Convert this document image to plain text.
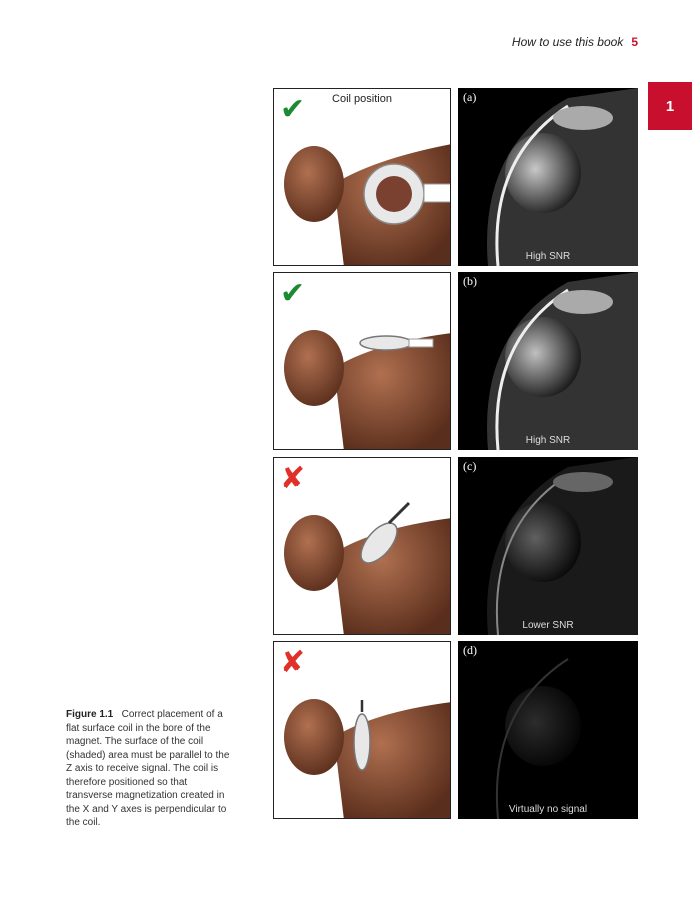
How to use this book 5
1
✔	Coil position	(a)
High SNR
✔	(b)
High SNR
✘	(c)
Lower SNR
✘	(d)
Virtually no signal
Figure 1.1 Correct placement of a flat surface coil in the bore of the magnet. The surface of the coil (shaded) area must be parallel to the Z axis to receive signal. The coil is therefore positioned so that transverse magnetization created in the X and Y axes is perpendicular to the coil.
